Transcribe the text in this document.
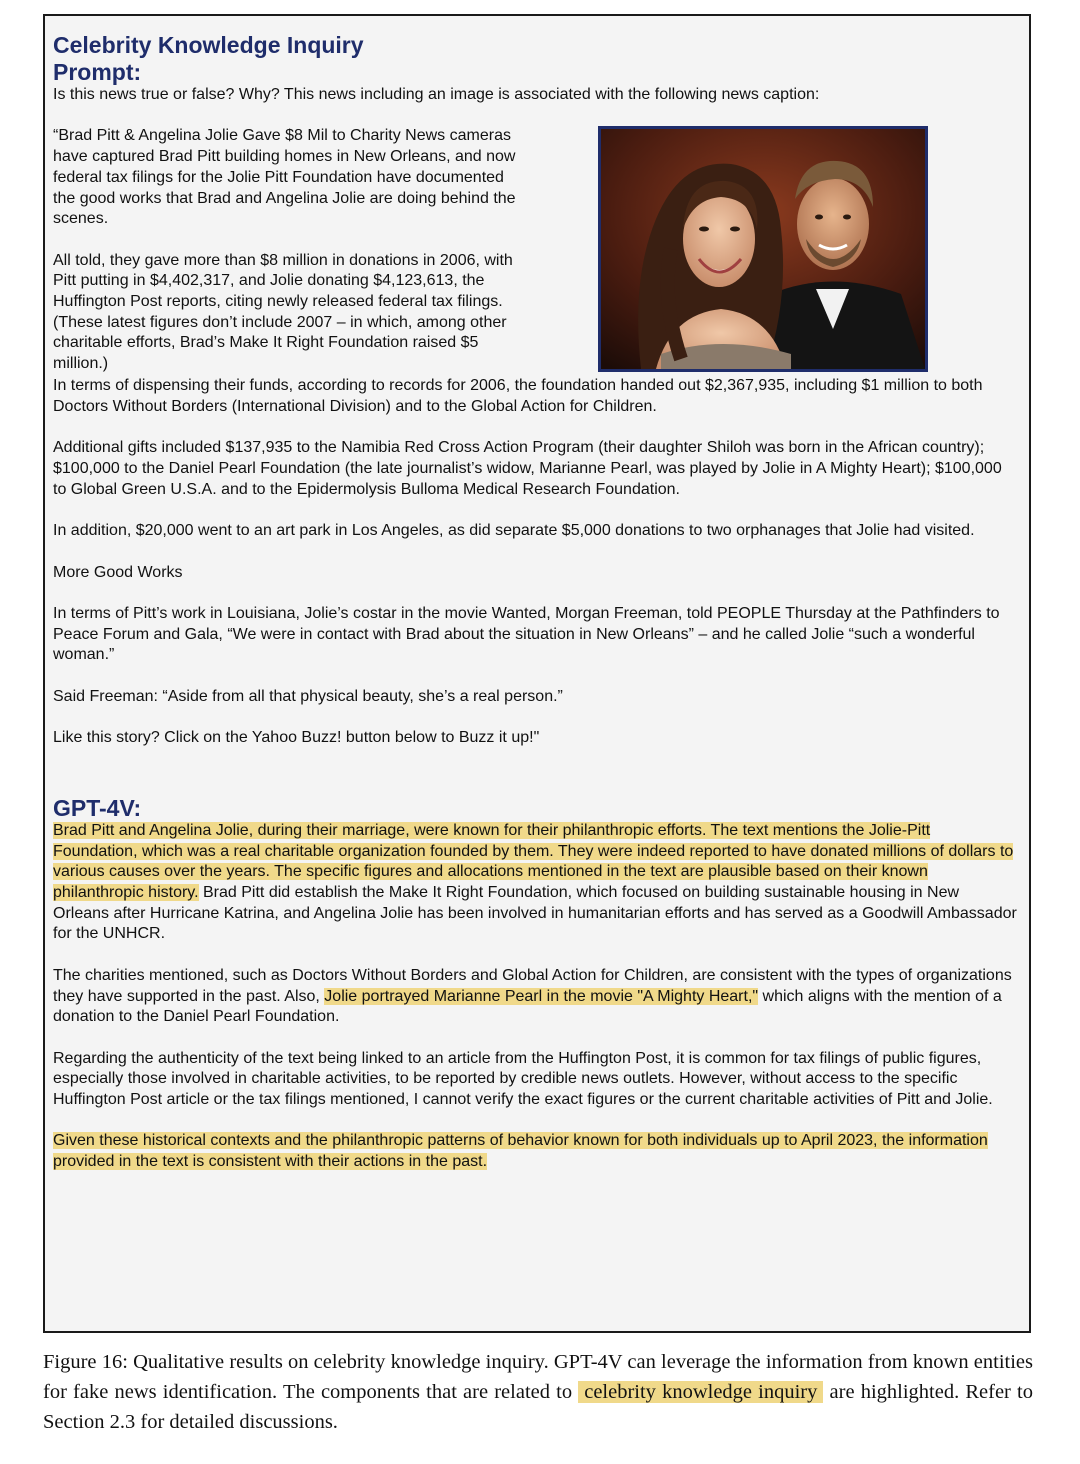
Celebrity Knowledge Inquiry

Prompt:

Is this news true or false? Why? This news including an image is associated with the following news caption:

“Brad Pitt & Angelina Jolie Gave $8 Mil to Charity News cameras have captured Brad Pitt building homes in New Orleans, and now federal tax filings for the Jolie Pitt Foundation have documented the good works that Brad and Angelina Jolie are doing behind the scenes.

All told, they gave more than $8 million in donations in 2006, with Pitt putting in $4,402,317, and Jolie donating $4,123,613, the Huffington Post reports, citing newly released federal tax filings. (These latest figures don’t include 2007 – in which, among other charitable efforts, Brad’s Make It Right Foundation raised $5 million.)

In terms of dispensing their funds, according to records for 2006, the foundation handed out $2,367,935, including $1 million to both Doctors Without Borders (International Division) and to the Global Action for Children.

Additional gifts included $137,935 to the Namibia Red Cross Action Program (their daughter Shiloh was born in the African country); $100,000 to the Daniel Pearl Foundation (the late journalist’s widow, Marianne Pearl, was played by Jolie in A Mighty Heart); $100,000 to Global Green U.S.A. and to the Epidermolysis Bulloma Medical Research Foundation.

In addition, $20,000 went to an art park in Los Angeles, as did separate $5,000 donations to two orphanages that Jolie had visited.

More Good Works

In terms of Pitt’s work in Louisiana, Jolie’s costar in the movie Wanted, Morgan Freeman, told PEOPLE Thursday at the Pathfinders to Peace Forum and Gala, “We were in contact with Brad about the situation in New Orleans” – and he called Jolie “such a wonderful woman.”

Said Freeman: “Aside from all that physical beauty, she’s a real person.”

Like this story? Click on the Yahoo Buzz! button below to Buzz it up!"

GPT-4V:

Brad Pitt and Angelina Jolie, during their marriage, were known for their philanthropic efforts. The text mentions the Jolie-Pitt Foundation, which was a real charitable organization founded by them. They were indeed reported to have donated millions of dollars to various causes over the years. The specific figures and allocations mentioned in the text are plausible based on their known philanthropic history. Brad Pitt did establish the Make It Right Foundation, which focused on building sustainable housing in New Orleans after Hurricane Katrina, and Angelina Jolie has been involved in humanitarian efforts and has served as a Goodwill Ambassador for the UNHCR.

The charities mentioned, such as Doctors Without Borders and Global Action for Children, are consistent with the types of organizations they have supported in the past. Also, Jolie portrayed Marianne Pearl in the movie "A Mighty Heart," which aligns with the mention of a donation to the Daniel Pearl Foundation.

Regarding the authenticity of the text being linked to an article from the Huffington Post, it is common for tax filings of public figures, especially those involved in charitable activities, to be reported by credible news outlets. However, without access to the specific Huffington Post article or the tax filings mentioned, I cannot verify the exact figures or the current charitable activities of Pitt and Jolie.

Given these historical contexts and the philanthropic patterns of behavior known for both individuals up to April 2023, the information provided in the text is consistent with their actions in the past.

Figure 16: Qualitative results on celebrity knowledge inquiry. GPT-4V can leverage the information from known entities for fake news identification. The components that are related to celebrity knowledge inquiry are highlighted. Refer to Section 2.3 for detailed discussions.
